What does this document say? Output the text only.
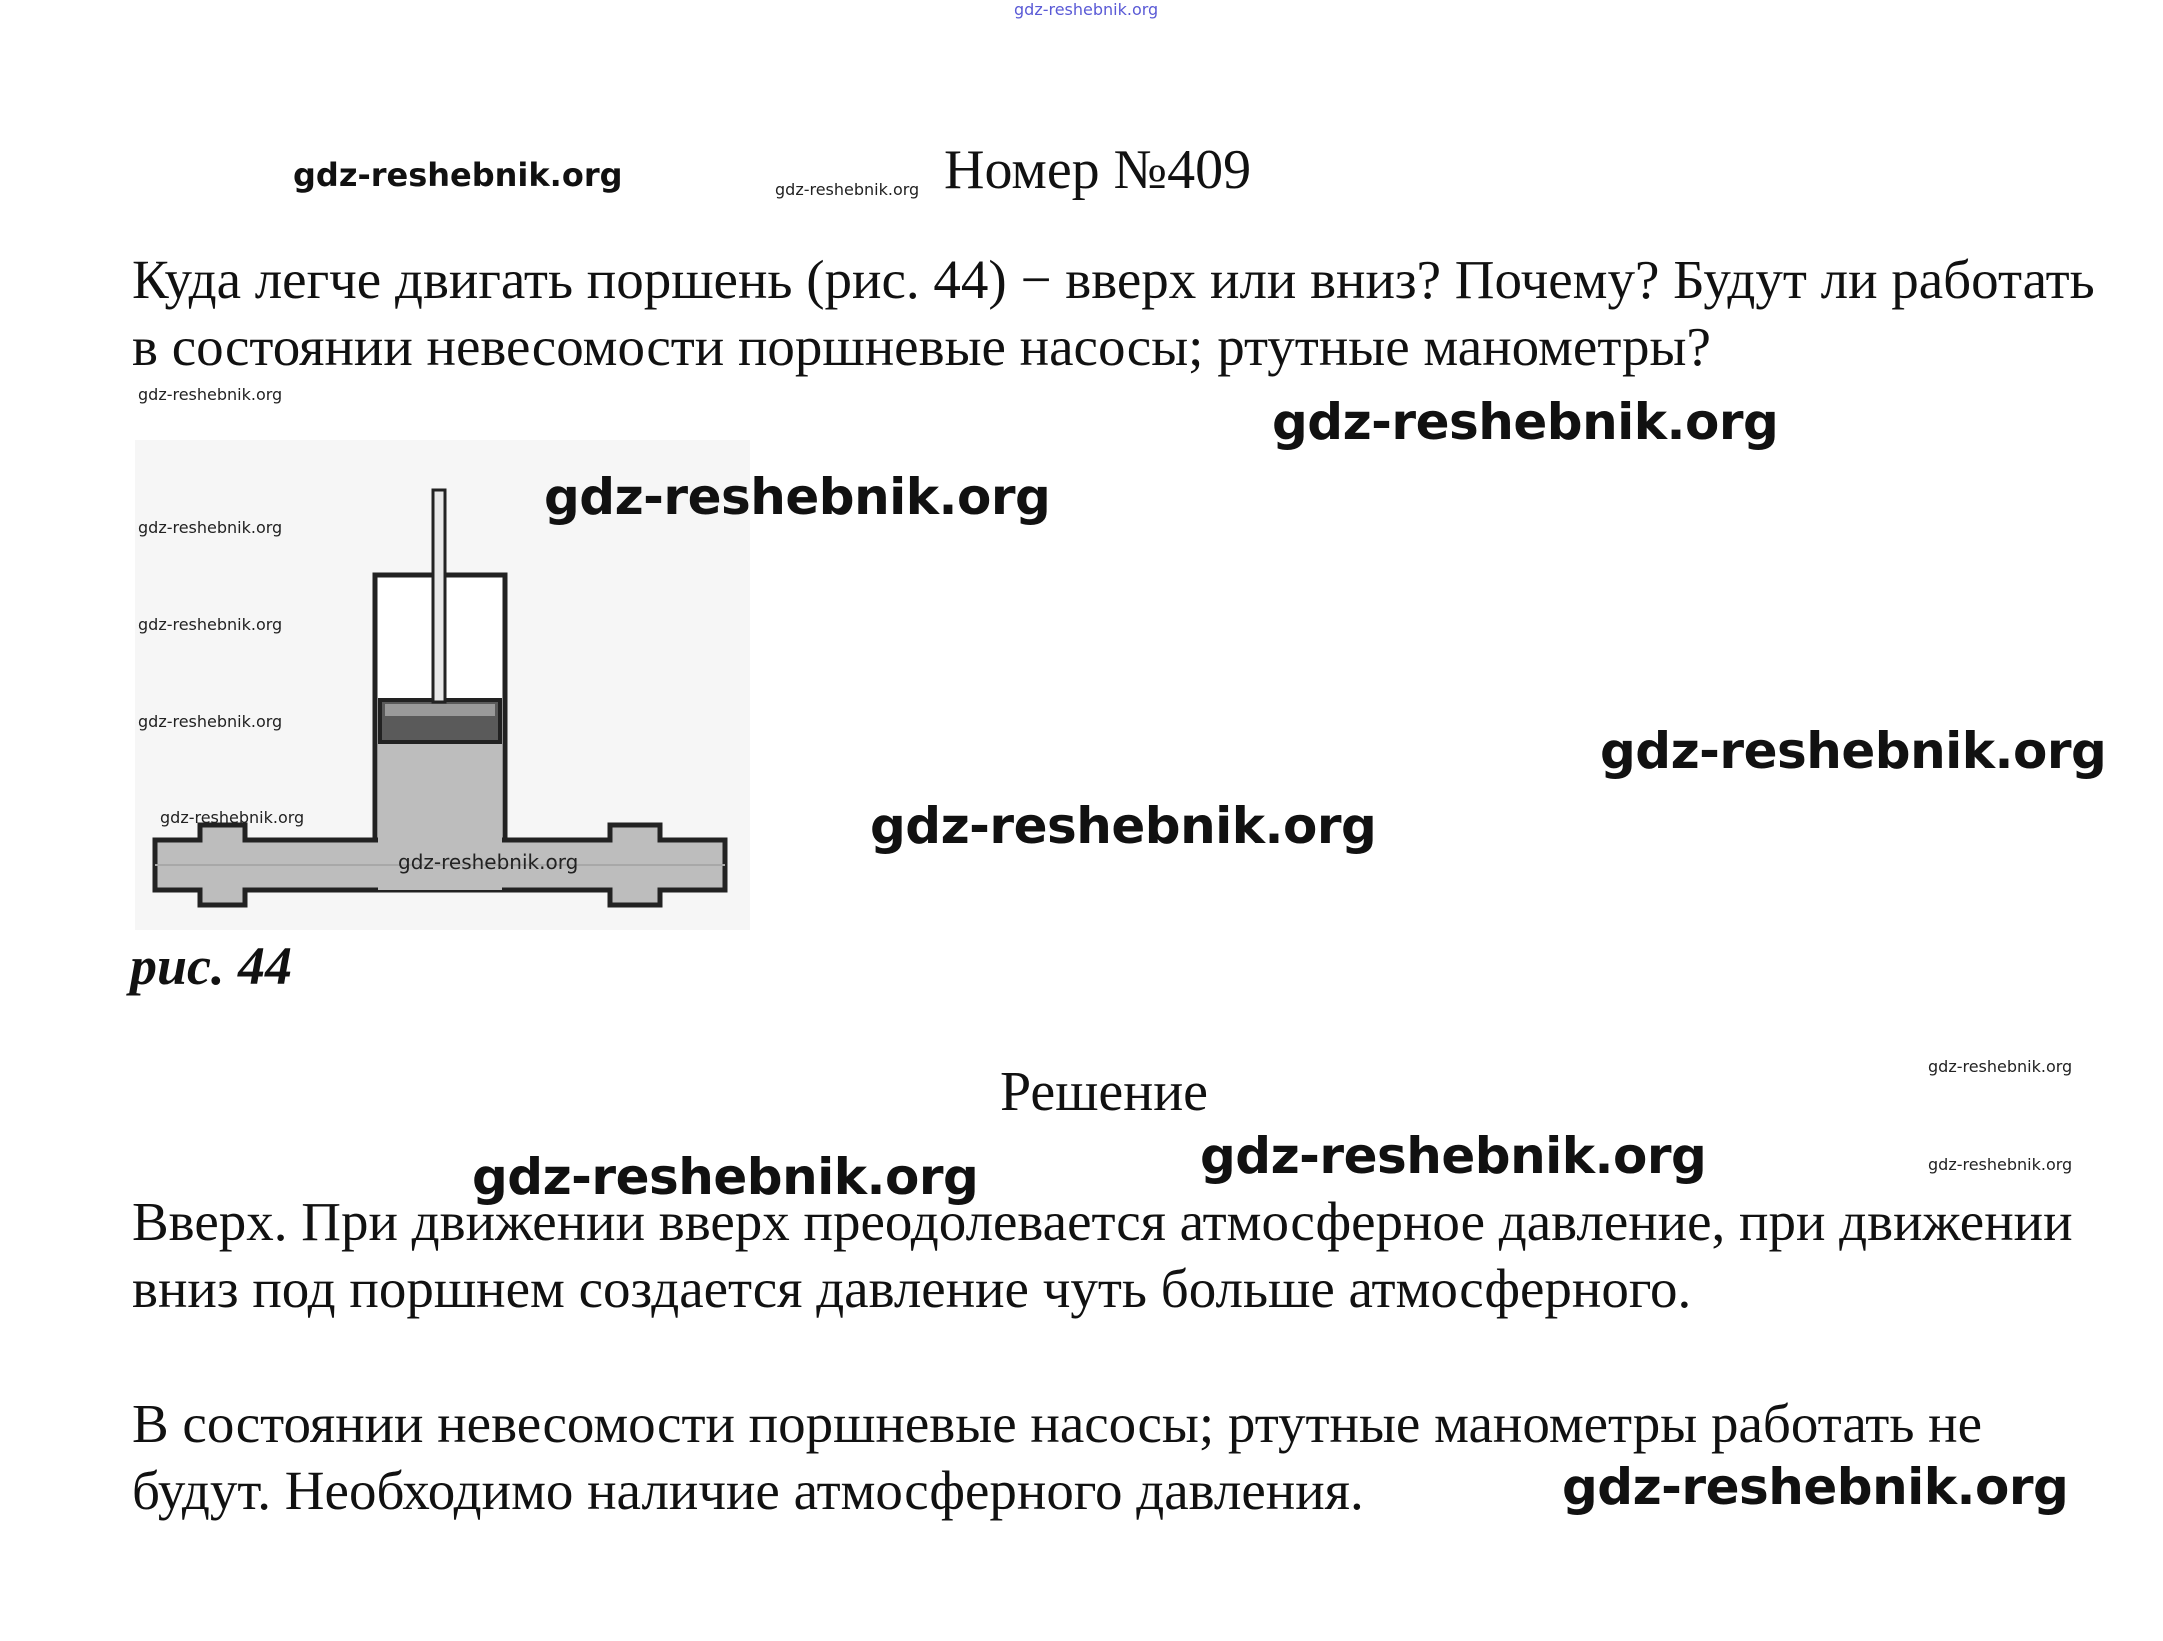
gdz-reshebnik.org
gdz-reshebnik.org	gdz-reshebnik.org Номер №409
Куда легче двигать поршень (рис. 44) − вверх или вниз? Почему? Будут ли работать в состоянии невесомости поршневые насосы; ртутные манометры?
gdz-reshebnik.org
gdz-reshebnik.org
gdz-reshebnik.org
gdz-reshebnik.org
gdz-reshebnik.org
gdz-reshebnik.org
gdz-reshebnik.org
gdz-reshebnik.org
gdz-reshebnik.org
gdz-reshebnik.org
рис. 44
Решение	gdz-reshebnik.org
gdz-reshebnik.org
gdz-reshebnik.org
gdz-reshebnik.org
Вверх. При движении вверх преодолевается атмосферное давление, при движении вниз под поршнем создается давление чуть больше атмосферного.
В состоянии невесомости поршневые насосы; ртутные манометры работать не будут. Необходимо наличие атмосферного давления.	gdz-reshebnik.org
